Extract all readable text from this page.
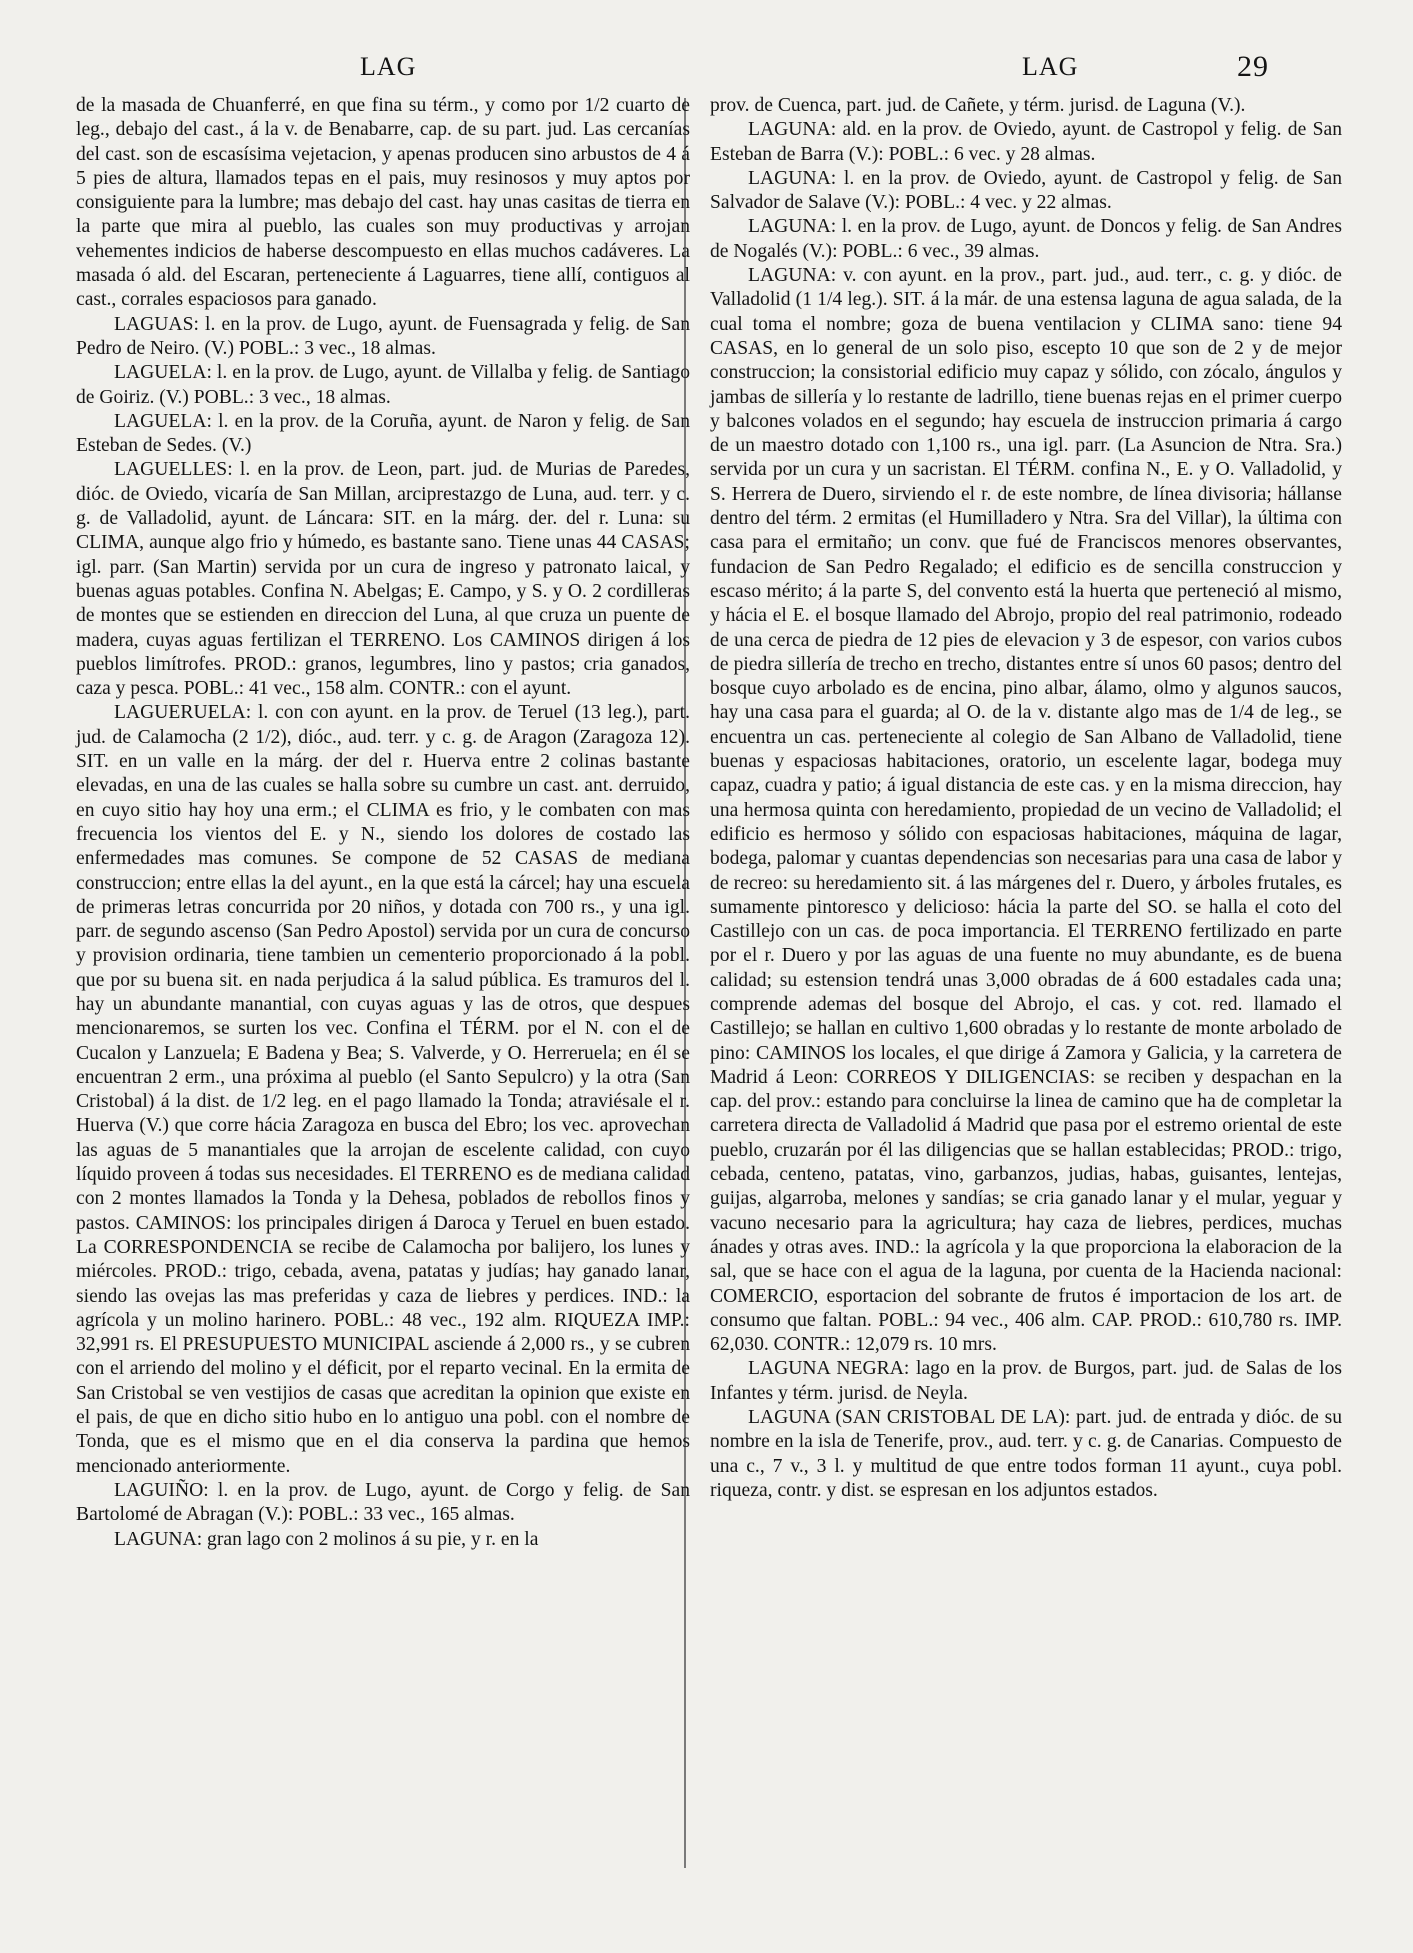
LAG	LAG	29

de la masada de Chuanferré, en que fina su térm., y como por 1/2 cuarto de leg., debajo del cast., á la v. de Benabarre, cap. de su part. jud. Las cercanías del cast. son de escasísima vejetacion, y apenas producen sino arbustos de 4 á 5 pies de altura, llamados tepas en el pais, muy resinosos y muy aptos por consiguiente para la lumbre; mas debajo del cast. hay unas casitas de tierra en la parte que mira al pueblo, las cuales son muy productivas y arrojan vehementes indicios de haberse descompuesto en ellas muchos cadáveres. La masada ó ald. del Escaran, perteneciente á Laguarres, tiene allí, contiguos al cast., corrales espaciosos para ganado.

LAGUAS: l. en la prov. de Lugo, ayunt. de Fuensagrada y felig. de San Pedro de Neiro. (V.) POBL.: 3 vec., 18 almas.

LAGUELA: l. en la prov. de Lugo, ayunt. de Villalba y felig. de Santiago de Goiriz. (V.) POBL.: 3 vec., 18 almas.

LAGUELA: l. en la prov. de la Coruña, ayunt. de Naron y felig. de San Esteban de Sedes. (V.)

LAGUELLES: l. en la prov. de Leon, part. jud. de Murias de Paredes, dióc. de Oviedo, vicaría de San Millan, arciprestazgo de Luna, aud. terr. y c. g. de Valladolid, ayunt. de Láncara: SIT. en la márg. der. del r. Luna: su CLIMA, aunque algo frio y húmedo, es bastante sano. Tiene unas 44 CASAS; igl. parr. (San Martin) servida por un cura de ingreso y patronato laical, y buenas aguas potables. Confina N. Abelgas; E. Campo, y S. y O. 2 cordilleras de montes que se estienden en direccion del Luna, al que cruza un puente de madera, cuyas aguas fertilizan el TERRENO. Los CAMINOS dirigen á los pueblos limítrofes. PROD.: granos, legumbres, lino y pastos; cria ganados, caza y pesca. POBL.: 41 vec., 158 alm. CONTR.: con el ayunt.

LAGUERUELA: l. con con ayunt. en la prov. de Teruel (13 leg.), part. jud. de Calamocha (2 1/2), dióc., aud. terr. y c. g. de Aragon (Zaragoza 12). SIT. en un valle en la márg. der del r. Huerva entre 2 colinas bastante elevadas, en una de las cuales se halla sobre su cumbre un cast. ant. derruido, en cuyo sitio hay hoy una erm.; el CLIMA es frio, y le combaten con mas frecuencia los vientos del E. y N., siendo los dolores de costado las enfermedades mas comunes. Se compone de 52 CASAS de mediana construccion; entre ellas la del ayunt., en la que está la cárcel; hay una escuela de primeras letras concurrida por 20 niños, y dotada con 700 rs., y una igl. parr. de segundo ascenso (San Pedro Apostol) servida por un cura de concurso y provision ordinaria, tiene tambien un cementerio proporcionado á la pobl. que por su buena sit. en nada perjudica á la salud pública. Es tramuros del l. hay un abundante manantial, con cuyas aguas y las de otros, que despues mencionaremos, se surten los vec. Confina el TÉRM. por el N. con el de Cucalon y Lanzuela; E Badena y Bea; S. Valverde, y O. Herreruela; en él se encuentran 2 erm., una próxima al pueblo (el Santo Sepulcro) y la otra (San Cristobal) á la dist. de 1/2 leg. en el pago llamado la Tonda; atraviésale el r. Huerva (V.) que corre hácia Zaragoza en busca del Ebro; los vec. aprovechan las aguas de 5 manantiales que la arrojan de escelente calidad, con cuyo líquido proveen á todas sus necesidades. El TERRENO es de mediana calidad con 2 montes llamados la Tonda y la Dehesa, poblados de rebollos finos y pastos. CAMINOS: los principales dirigen á Daroca y Teruel en buen estado. La CORRESPONDENCIA se recibe de Calamocha por balijero, los lunes y miércoles. PROD.: trigo, cebada, avena, patatas y judías; hay ganado lanar, siendo las ovejas las mas preferidas y caza de liebres y perdices. IND.: la agrícola y un molino harinero. POBL.: 48 vec., 192 alm. RIQUEZA IMP.: 32,991 rs. El PRESUPUESTO MUNICIPAL asciende á 2,000 rs., y se cubren con el arriendo del molino y el déficit, por el reparto vecinal. En la ermita de San Cristobal se ven vestijios de casas que acreditan la opinion que existe en el pais, de que en dicho sitio hubo en lo antiguo una pobl. con el nombre de Tonda, que es el mismo que en el dia conserva la pardina que hemos mencionado anteriormente.

LAGUIÑO: l. en la prov. de Lugo, ayunt. de Corgo y felig. de San Bartolomé de Abragan (V.): POBL.: 33 vec., 165 almas.

LAGUNA: gran lago con 2 molinos á su pie, y r. en la

prov. de Cuenca, part. jud. de Cañete, y térm. jurisd. de Laguna (V.).

LAGUNA: ald. en la prov. de Oviedo, ayunt. de Castropol y felig. de San Esteban de Barra (V.): POBL.: 6 vec. y 28 almas.

LAGUNA: l. en la prov. de Oviedo, ayunt. de Castropol y felig. de San Salvador de Salave (V.): POBL.: 4 vec. y 22 almas.

LAGUNA: l. en la prov. de Lugo, ayunt. de Doncos y felig. de San Andres de Nogalés (V.): POBL.: 6 vec., 39 almas.

LAGUNA: v. con ayunt. en la prov., part. jud., aud. terr., c. g. y dióc. de Valladolid (1 1/4 leg.). SIT. á la már. de una estensa laguna de agua salada, de la cual toma el nombre; goza de buena ventilacion y CLIMA sano: tiene 94 CASAS, en lo general de un solo piso, escepto 10 que son de 2 y de mejor construccion; la consistorial edificio muy capaz y sólido, con zócalo, ángulos y jambas de sillería y lo restante de ladrillo, tiene buenas rejas en el primer cuerpo y balcones volados en el segundo; hay escuela de instruccion primaria á cargo de un maestro dotado con 1,100 rs., una igl. parr. (La Asuncion de Ntra. Sra.) servida por un cura y un sacristan. El TÉRM. confina N., E. y O. Valladolid, y S. Herrera de Duero, sirviendo el r. de este nombre, de línea divisoria; hállanse dentro del térm. 2 ermitas (el Humilladero y Ntra. Sra del Villar), la última con casa para el ermitaño; un conv. que fué de Franciscos menores observantes, fundacion de San Pedro Regalado; el edificio es de sencilla construccion y escaso mérito; á la parte S, del convento está la huerta que perteneció al mismo, y hácia el E. el bosque llamado del Abrojo, propio del real patrimonio, rodeado de una cerca de piedra de 12 pies de elevacion y 3 de espesor, con varios cubos de piedra sillería de trecho en trecho, distantes entre sí unos 60 pasos; dentro del bosque cuyo arbolado es de encina, pino albar, álamo, olmo y algunos saucos, hay una casa para el guarda; al O. de la v. distante algo mas de 1/4 de leg., se encuentra un cas. perteneciente al colegio de San Albano de Valladolid, tiene buenas y espaciosas habitaciones, oratorio, un escelente lagar, bodega muy capaz, cuadra y patio; á igual distancia de este cas. y en la misma direccion, hay una hermosa quinta con heredamiento, propiedad de un vecino de Valladolid; el edificio es hermoso y sólido con espaciosas habitaciones, máquina de lagar, bodega, palomar y cuantas dependencias son necesarias para una casa de labor y de recreo: su heredamiento sit. á las márgenes del r. Duero, y árboles frutales, es sumamente pintoresco y delicioso: hácia la parte del SO. se halla el coto del Castillejo con un cas. de poca importancia. El TERRENO fertilizado en parte por el r. Duero y por las aguas de una fuente no muy abundante, es de buena calidad; su estension tendrá unas 3,000 obradas de á 600 estadales cada una; comprende ademas del bosque del Abrojo, el cas. y cot. red. llamado el Castillejo; se hallan en cultivo 1,600 obradas y lo restante de monte arbolado de pino: CAMINOS los locales, el que dirige á Zamora y Galicia, y la carretera de Madrid á Leon: CORREOS Y DILIGENCIAS: se reciben y despachan en la cap. del prov.: estando para concluirse la linea de camino que ha de completar la carretera directa de Valladolid á Madrid que pasa por el estremo oriental de este pueblo, cruzarán por él las diligencias que se hallan establecidas; PROD.: trigo, cebada, centeno, patatas, vino, garbanzos, judias, habas, guisantes, lentejas, guijas, algarroba, melones y sandías; se cria ganado lanar y el mular, yeguar y vacuno necesario para la agricultura; hay caza de liebres, perdices, muchas ánades y otras aves. IND.: la agrícola y la que proporciona la elaboracion de la sal, que se hace con el agua de la laguna, por cuenta de la Hacienda nacional: COMERCIO, esportacion del sobrante de frutos é importacion de los art. de consumo que faltan. POBL.: 94 vec., 406 alm. CAP. PROD.: 610,780 rs. IMP. 62,030. CONTR.: 12,079 rs. 10 mrs.

LAGUNA NEGRA: lago en la prov. de Burgos, part. jud. de Salas de los Infantes y térm. jurisd. de Neyla.

LAGUNA (SAN CRISTOBAL DE LA): part. jud. de entrada y dióc. de su nombre en la isla de Tenerife, prov., aud. terr. y c. g. de Canarias. Compuesto de una c., 7 v., 3 l. y multitud de que entre todos forman 11 ayunt., cuya pobl. riqueza, contr. y dist. se espresan en los adjuntos estados.
